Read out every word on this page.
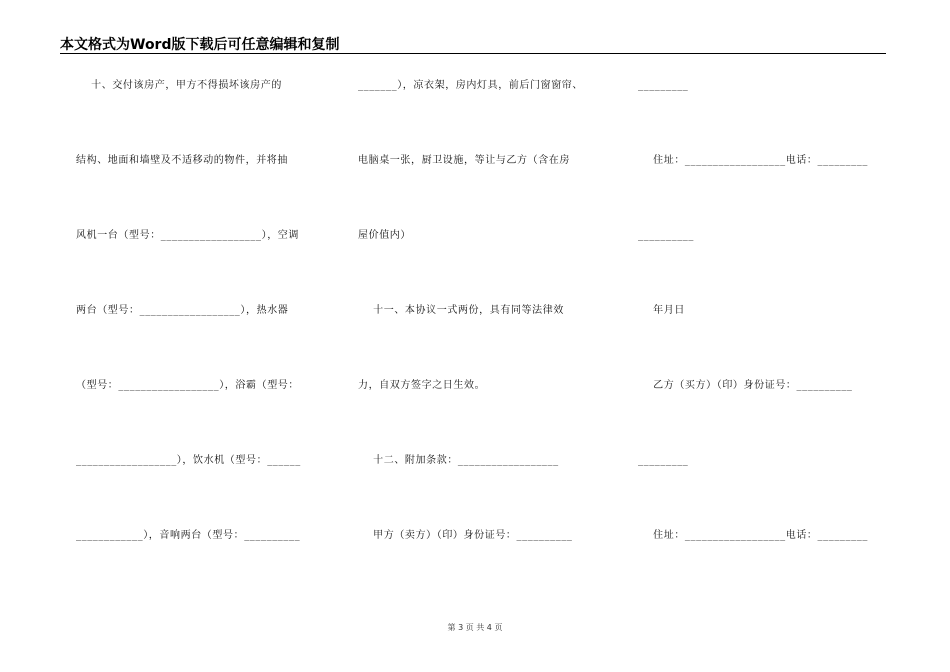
本文格式为Word版下载后可任意编辑和复制
十、交付该房产，甲方不得损坏该房产的
结构、地面和墙壁及不适移动的物件，并将抽
风机一台（型号：__________________），空调
两台（型号：__________________），热水器
（型号：__________________），浴霸（型号：
__________________），饮水机（型号：______
____________），音响两台（型号：__________
_______），凉衣架，房内灯具，前后门窗窗帘、
电脑桌一张，厨卫设施，等让与乙方（含在房
屋价值内）
十一、本协议一式两份，具有同等法律效
力，自双方签字之日生效。
十二、附加条款：__________________
甲方（卖方）（印）身份证号：__________
_________
住址：__________________电话：_________
__________
年月日
乙方（买方）（印）身份证号：__________
_________
住址：__________________电话：_________
第 3 页 共 4 页
